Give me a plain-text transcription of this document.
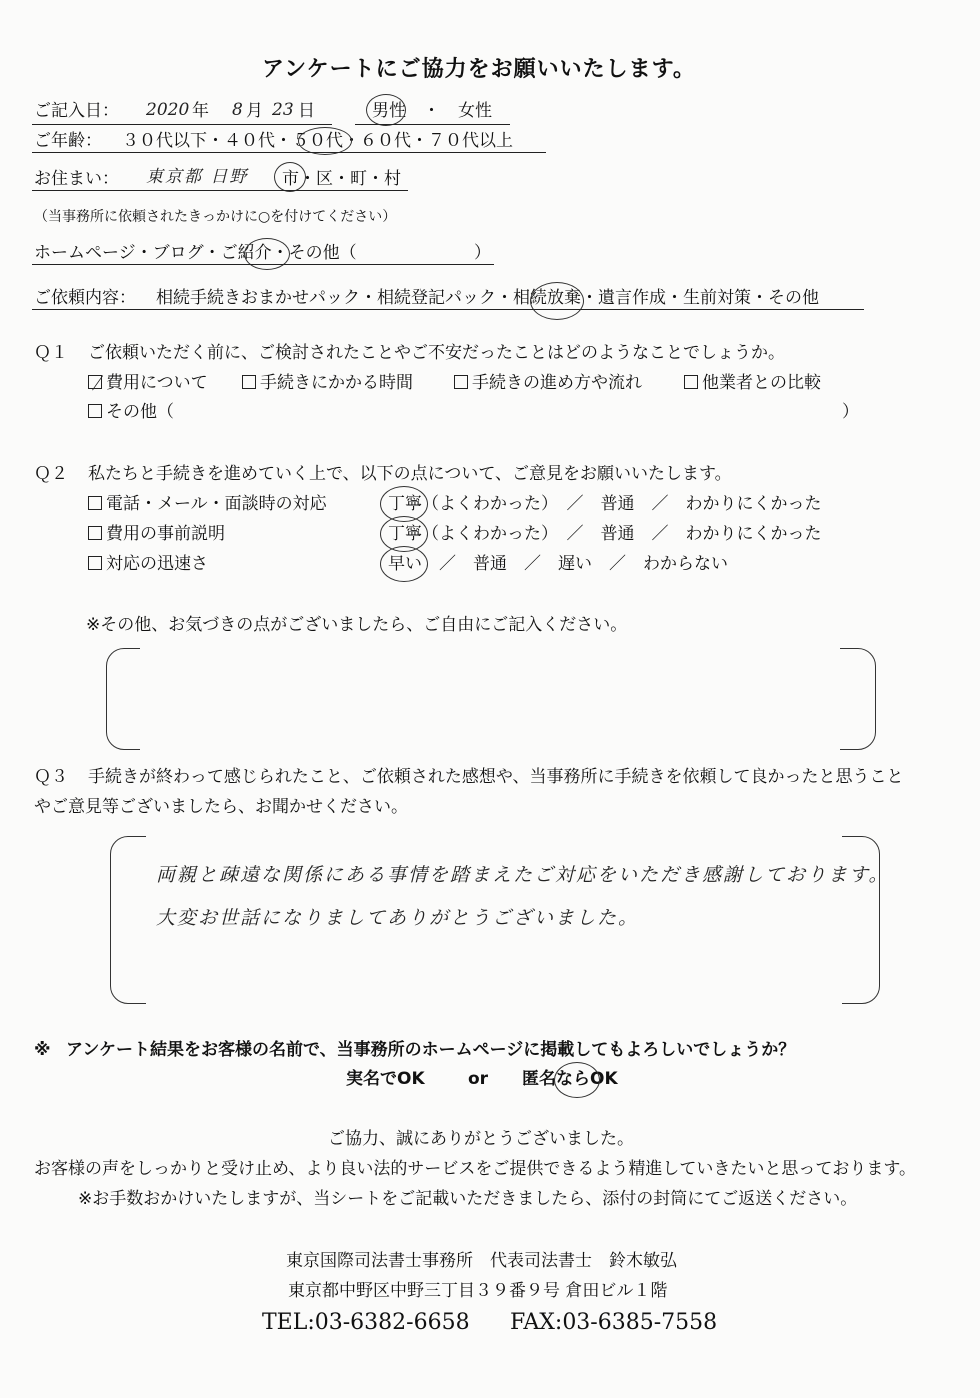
アンケートにご協力をお願いいたします。
ご記入日： 2020 年 8 月 23 日	男性 ・ 女性
ご年齢： ３０代以下・ ４０代・ ５０代 ・６０代・ ７０代以上
お住まい： 東京都 日野 市 ・区・ 町 ・村
（当事務所に依頼されたきっかけに○を付けてください）
ホームページ・ブログ・ご紹介・その他（	）
ご依頼内容： 相続手続きおまかせパック・相続登記パック・相続放棄・遺言作成・生前対策・その他
Ｑ１ ご依頼いただく前に、ご検討されたことやご不安だったことはどのようなことでしょうか。
費用について	手続きにかかる時間	手続きの進め方や流れ	他業者との比較
その他（	）
Ｑ２ 私たちと手続きを進めていく上で、以下の点について、ご意見をお願いいたします。
電話・メール・面談時の対応	丁寧（よくわかった）　／　普通　／　わかりにくかった
費用の事前説明	丁寧（よくわかった）　／　普通　／　わかりにくかった
対応の迅速さ	早い　／　普通　／　遅い　／　わからない
※その他、お気づきの点がございましたら、ご自由にご記入ください。
Ｑ３ 手続きが終わって感じられたこと、ご依頼された感想や、当事務所に手続きを依頼して良かったと思うこと
やご意見等ございましたら、お聞かせください。
両親と疎遠な関係にある事情を踏まえたご対応をいただき感謝しております。
大変お世話になりましてありがとうございました。
※ アンケート結果をお客様の名前で、当事務所のホームページに掲載してもよろしいでしょうか？
実名でOK	or 匿名ならOK
ご協力、誠にありがとうございました。
お客様の声をしっかりと受け止め、より良い法的サービスをご提供できるよう精進していきたいと思っております。
※お手数おかけいたしますが、当シートをご記載いただきましたら、添付の封筒にてご返送ください。
東京国際司法書士事務所　代表司法書士　鈴木敏弘
東京都中野区中野三丁目３９番９号 倉田ビル１階
TEL:03-6382-6658 FAX:03-6385-7558
